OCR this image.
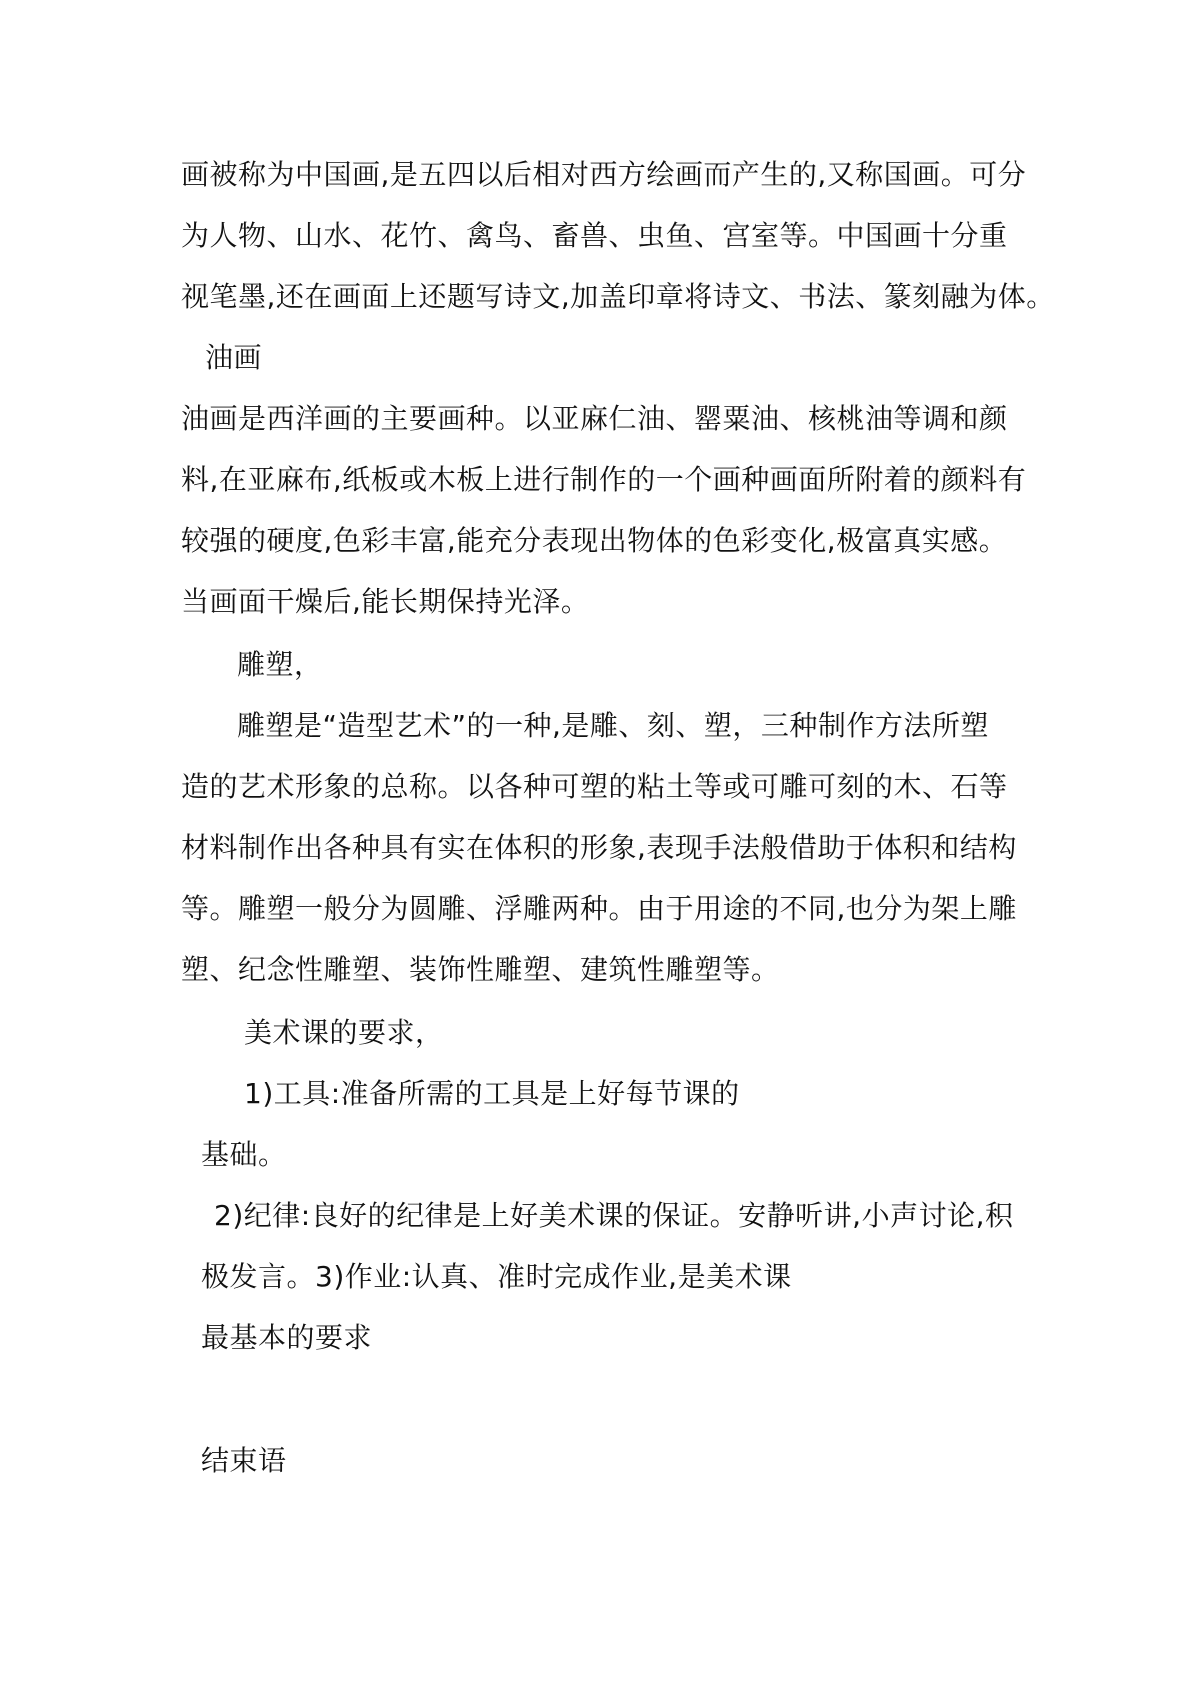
画被称为中国画,是五四以后相对西方绘画而产生的,又称国画。可分
为人物、山水、花竹、禽鸟、畜兽、虫鱼、宫室等。中国画十分重
视笔墨,还在画面上还题写诗文,加盖印章将诗文、书法、篆刻融为体。
油画
油画是西洋画的主要画种。以亚麻仁油、罂粟油、核桃油等调和颜
料,在亚麻布,纸板或木板上进行制作的一个画种画面所附着的颜料有
较强的硬度,色彩丰富,能充分表现出物体的色彩变化,极富真实感。
当画面干燥后,能长期保持光泽。
雕塑，
雕塑是“造型艺术”的一种,是雕、刻、塑，三种制作方法所塑
造的艺术形象的总称。以各种可塑的粘土等或可雕可刻的木、石等
材料制作出各种具有实在体积的形象,表现手法般借助于体积和结构
等。雕塑一般分为圆雕、浮雕两种。由于用途的不同,也分为架上雕
塑、纪念性雕塑、装饰性雕塑、建筑性雕塑等。
美术课的要求，
1)工具:准备所需的工具是上好每节课的
基础。
2)纪律:良好的纪律是上好美术课的保证。安静听讲,小声讨论,积
极发言。3)作业:认真、准时完成作业,是美术课
最基本的要求
结束语
